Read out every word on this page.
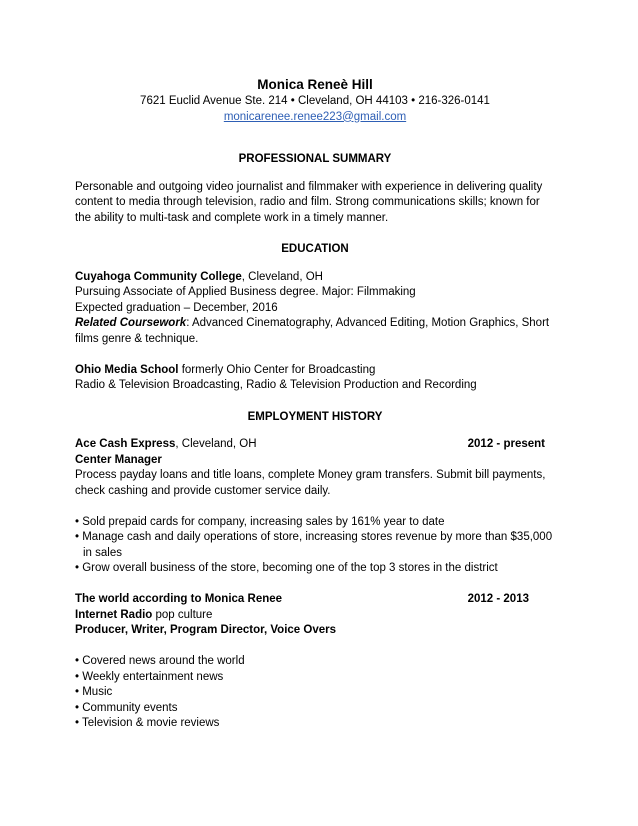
Monica Reneè Hill
7621 Euclid Avenue Ste. 214 • Cleveland, OH 44103 • 216-326-0141
monicarenee.renee223@gmail.com
PROFESSIONAL SUMMARY

Personable and outgoing video journalist and filmmaker with experience in delivering quality

content to media through television, radio and film. Strong communications skills; known for

the ability to multi-task and complete work in a timely manner.

EDUCATION

Cuyahoga Community College, Cleveland, OH

Pursuing Associate of Applied Business degree. Major: Filmmaking

Expected graduation – December, 2016

Related Coursework: Advanced Cinematography, Advanced Editing, Motion Graphics, Short

films genre & technique.

Ohio Media School formerly Ohio Center for Broadcasting

Radio & Television Broadcasting, Radio & Television Production and Recording

EMPLOYMENT HISTORY
Ace Cash Express, Cleveland, OH	2012 - present

Center Manager

Process payday loans and title loans, complete Money gram transfers. Submit bill payments,

check cashing and provide customer service daily.

• Sold prepaid cards for company, increasing sales by 161% year to date

• Manage cash and daily operations of store, increasing stores revenue by more than $35,000

in sales

• Grow overall business of the store, becoming one of the top 3 stores in the district

The world according to Monica Renee	2012 - 2013

Internet Radio pop culture

Producer, Writer, Program Director, Voice Overs

• Covered news around the world

• Weekly entertainment news

• Music

• Community events

• Television & movie reviews
